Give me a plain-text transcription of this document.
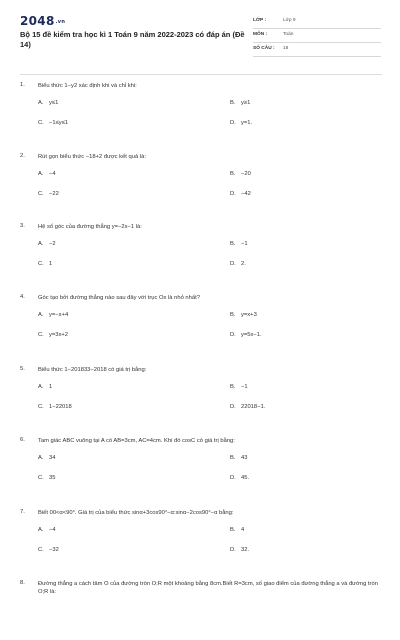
2048.vn
Bộ 15 đề kiểm tra học kì 1 Toán 9 năm 2022-2023 có đáp án (Đề 14)
LỚP :	Lớp 9
MÔN :	Toán
SỐ CÂU : 18
1. Biểu thức 1−y2 xác định khi và chỉ khi:
A. y≤1	B. y≥1
C. −1≤y≤1	D. y=1.
2. Rút gọn biểu thức −18+2 được kết quả là:
A. −4	B. −20
C. −22	D. −42
3. Hệ số góc của đường thẳng y=−2x−1 là:
A. −2	B. −1
C. 1	D. 2.
4. Góc tạo bởi đường thẳng nào sau đây với trục Ox là nhỏ nhất?
A. y=−x+4	B. y=x+3
C. y=3x+2	D. y=5x−1.
5. Biểu thức 1−201833−2018 có giá trị bằng:
A. 1	B. −1
C. 1−22018	D. 22018−1.
6. Tam giác ABC vuông tại A có AB=3cm, AC=4cm. Khi đó cosC có giá trị bằng:
A. 34	B. 43
C. 35	D. 45.
7. Biết 00<α<90°. Giá trị của biểu thức sinα+3cos90°−α:sinα−2cos90°−α bằng:
A. −4	B. 4
C. −32	D. 32.
8. Đường thẳng a cách tâm O của đường tròn O;R một khoảng bằng 8cm.Biết R=3cm, số giao điểm của đường thẳng a và đường tròn O;R là:
